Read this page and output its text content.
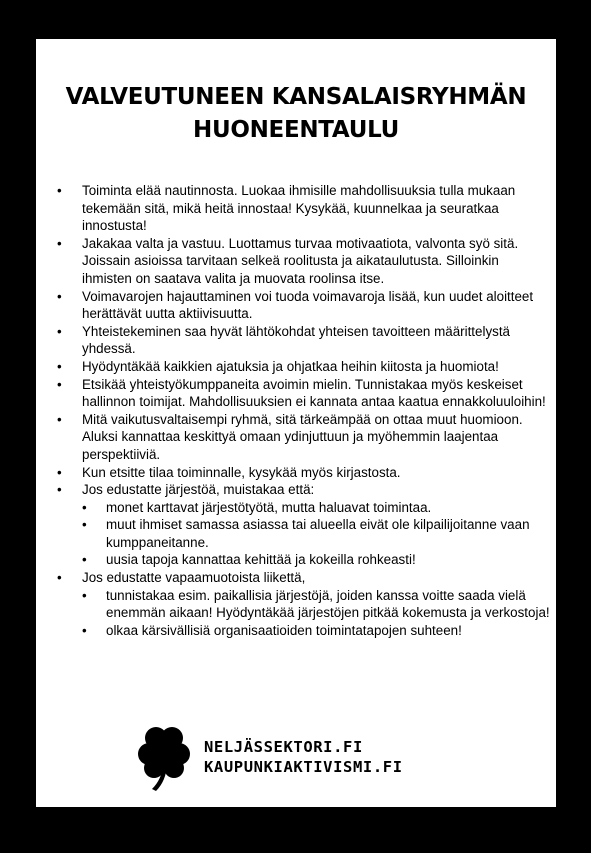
VALVEUTUNEEN KANSALAISRYHMÄN
HUONEENTAULU
• Toiminta elää nautinnosta. Luokaa ihmisille mahdollisuuksia tulla mukaan tekemään sitä, mikä heitä innostaa! Kysykää, kuunnelkaa ja seuratkaa innostusta!
• Jakakaa valta ja vastuu. Luottamus turvaa motivaatiota, valvonta syö sitä. Joissain asioissa tarvitaan selkeä roolitusta ja aikataulutusta. Silloinkin ihmisten on saatava valita ja muovata roolinsa itse.
• Voimavarojen hajauttaminen voi tuoda voimavaroja lisää, kun uudet aloitteet herättävät uutta aktiivisuutta.
• Yhteistekeminen saa hyvät lähtökohdat yhteisen tavoitteen määrittelystä yhdessä.
• Hyödyntäkää kaikkien ajatuksia ja ohjatkaa heihin kiitosta ja huomiota!
• Etsikää yhteistyökumppaneita avoimin mielin. Tunnistakaa myös keskeiset hallinnon toimijat. Mahdollisuuksien ei kannata antaa kaatua ennakkoluuloihin!
• Mitä vaikutusvaltaisempi ryhmä, sitä tärkeämpää on ottaa muut huomioon. Aluksi kannattaa keskittyä omaan ydinjuttuun ja myöhemmin laajentaa perspektiiviä.
• Kun etsitte tilaa toiminnalle, kysykää myös kirjastosta.
• Jos edustatte järjestöä, muistakaa että:
• monet karttavat järjestötyötä, mutta haluavat toimintaa.
• muut ihmiset samassa asiassa tai alueella eivät ole kilpailijoitanne vaan kumppaneitanne.
• uusia tapoja kannattaa kehittää ja kokeilla rohkeasti!
• Jos edustatte vapaamuotoista liikettä,
• tunnistakaa esim. paikallisia järjestöjä, joiden kanssa voitte saada vielä enemmän aikaan! Hyödyntäkää järjestöjen pitkää kokemusta ja verkostoja!
• olkaa kärsivällisiä organisaatioiden toimintatapojen suhteen!
NELJÄSSEKTORI.FI
KAUPUNKIAKTIVISMI.FI
